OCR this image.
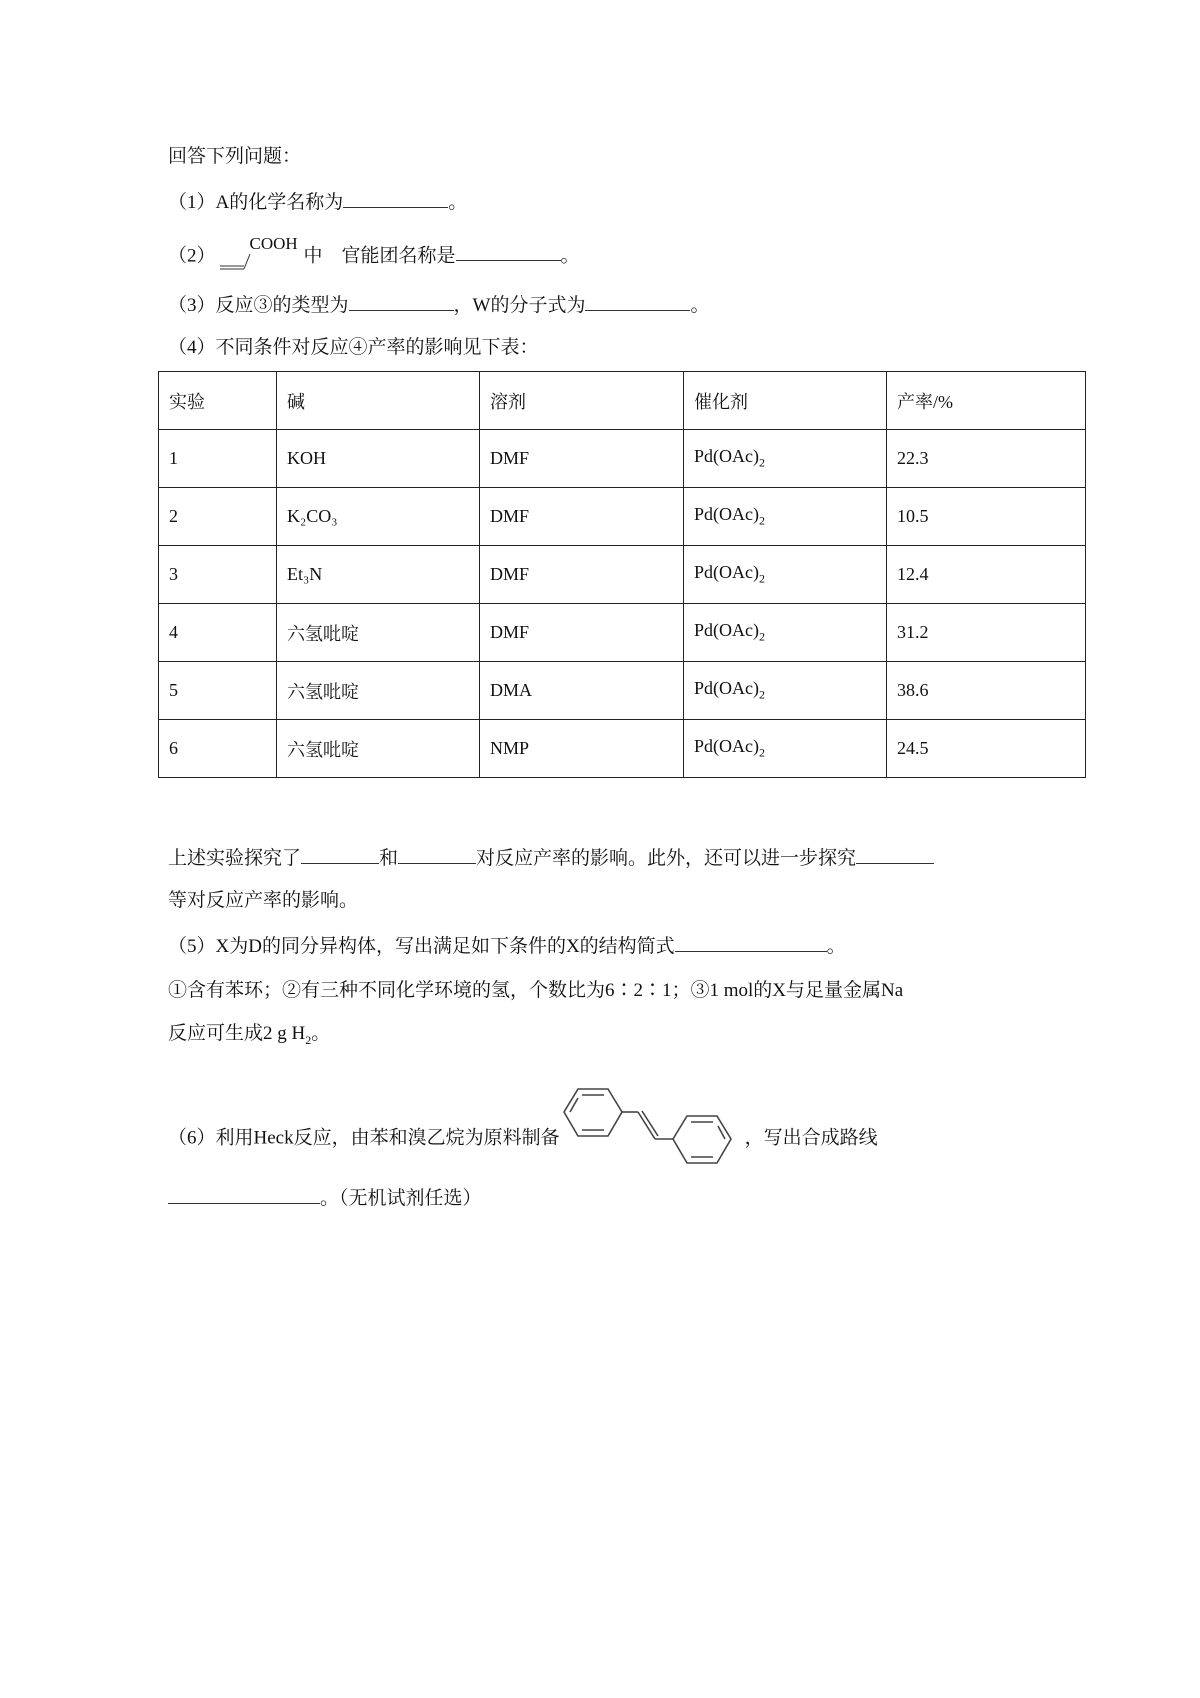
回答下列问题：
（1）A的化学名称为	。
（2）
COOH
中　官能团名称是	。
（3）反应③的类型为	，W的分子式为	。
（4）不同条件对反应④产率的影响见下表：
实验	碱	溶剂	催化剂	产率/%
1	KOH	DMF	$Pd(OAc)_2$	22.3
2	K₂CO₃	DMF	$Pd(OAc)_2$	10.5
3	Et₃N	DMF	$Pd(OAc)_2$	12.4
4	六氢吡啶	DMF	$Pd(OAc)_2$	31.2
5	六氢吡啶	DMA	$Pd(OAc)_2$	38.6
6	六氢吡啶	NMP	$Pd(OAc)_2$	24.5
上述实验探究了	和	对反应产率的影响。此外，还可以进一步探究
等对反应产率的影响。
（5）X为D的同分异构体，写出满足如下条件的X的结构简式	。
①含有苯环；②有三种不同化学环境的氢，个数比为6∶2∶1；③1 mol的X与足量金属Na
反应可生成2 g $H_2$。
（6）利用Heck反应，由苯和溴乙烷为原料制备	，写出合成路线
。（无机试剂任选）
